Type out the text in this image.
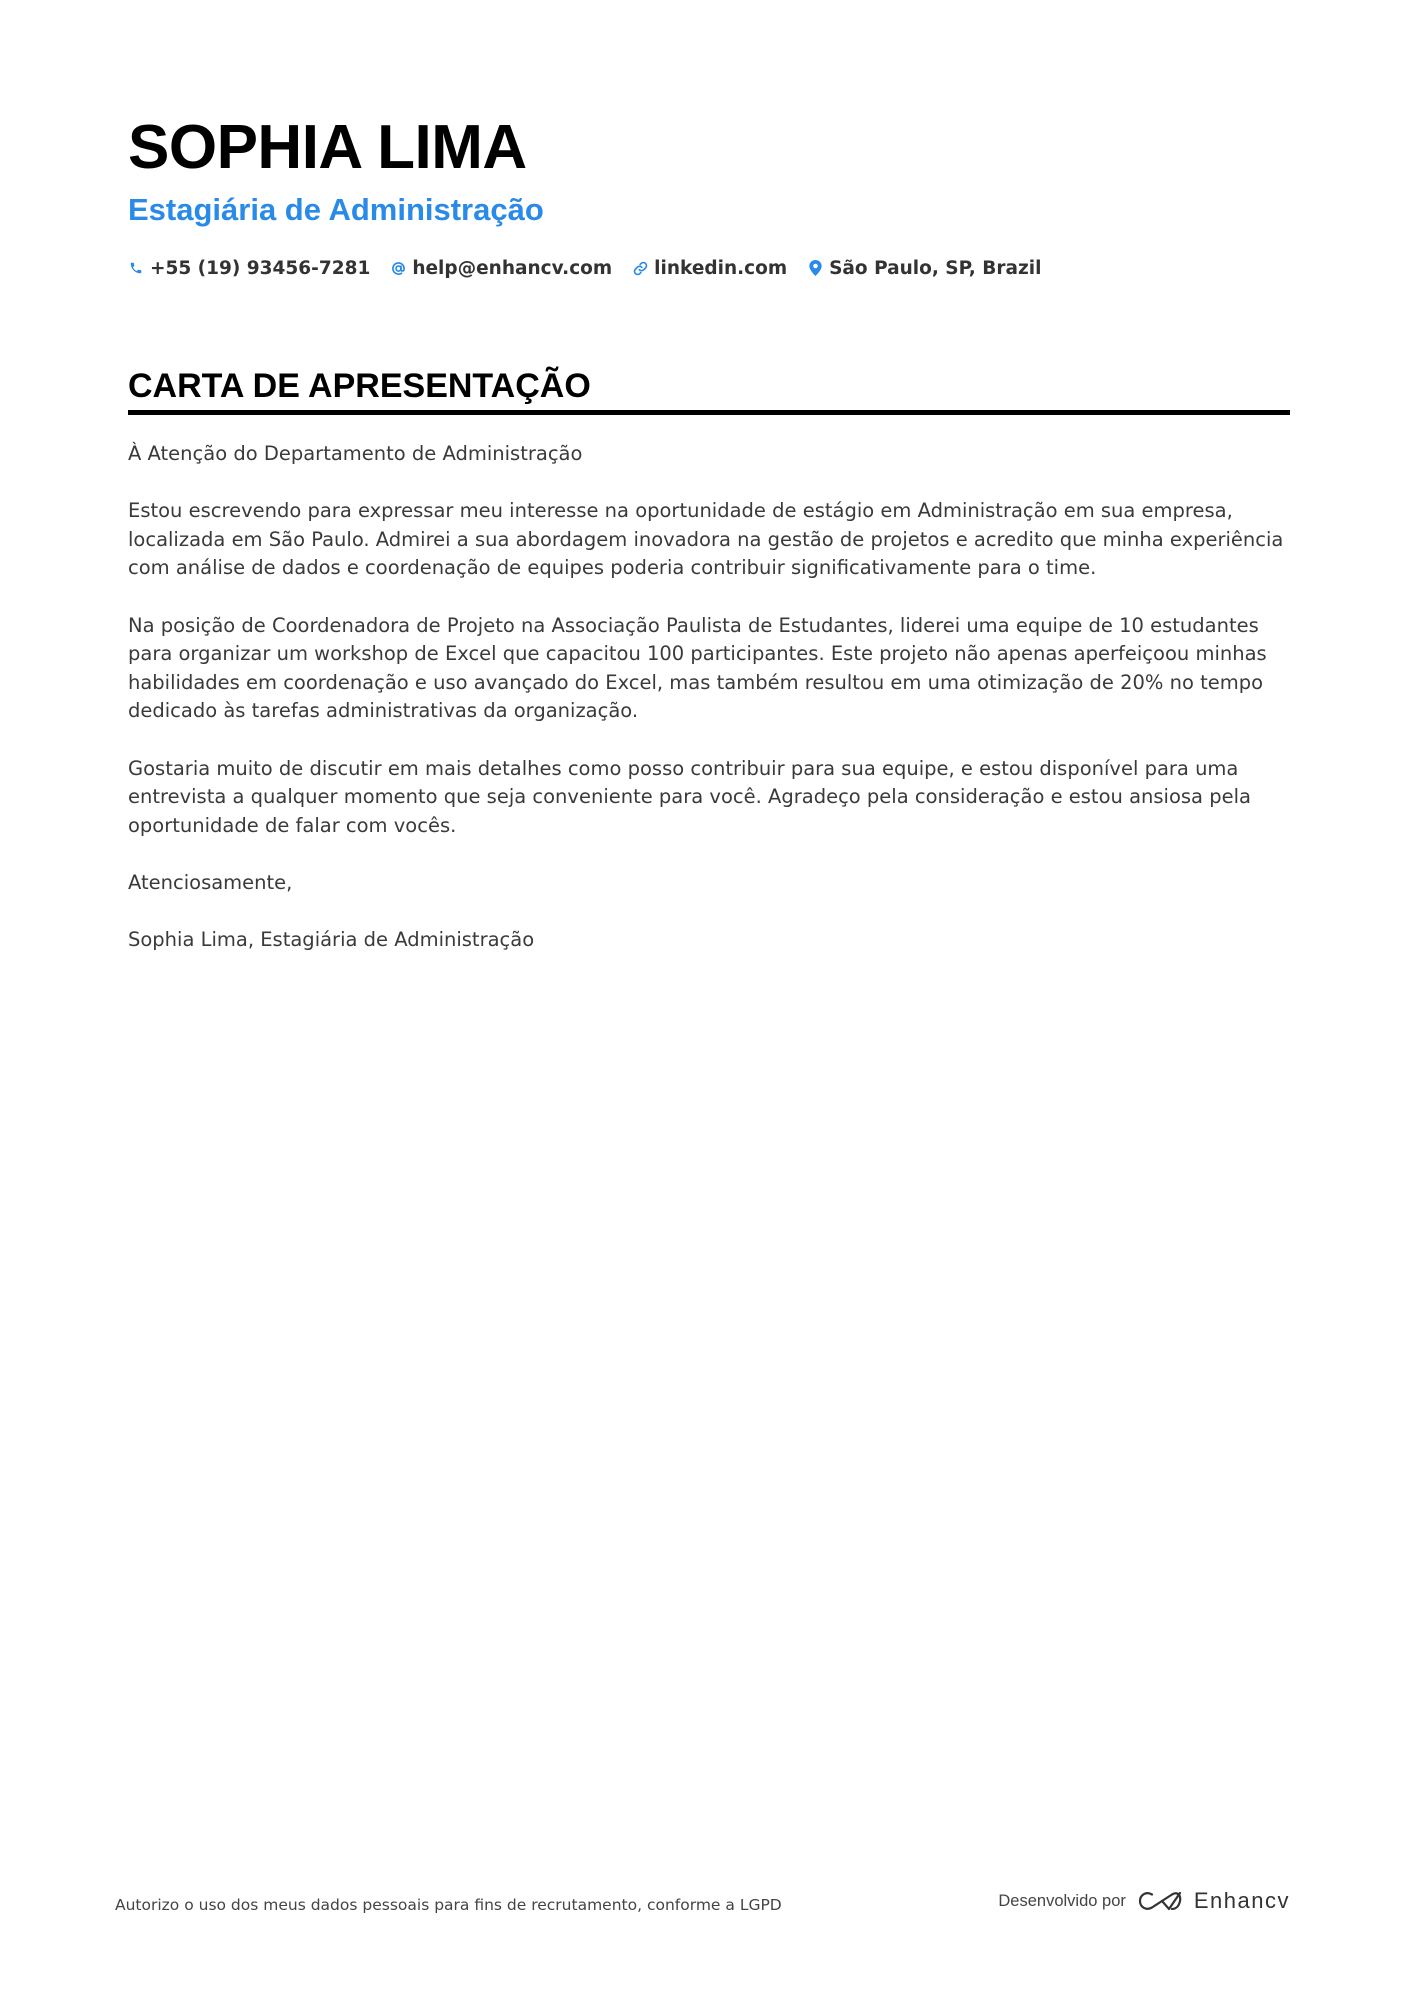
SOPHIA LIMA
Estagiária de Administração
+55 (19) 93456-7281 help@enhancv.com linkedin.com São Paulo, SP, Brazil
CARTA DE APRESENTAÇÃO

À Atenção do Departamento de Administração

Estou escrevendo para expressar meu interesse na oportunidade de estágio em Administração em sua empresa, localizada em São Paulo. Admirei a sua abordagem inovadora na gestão de projetos e acredito que minha experiência com análise de dados e coordenação de equipes poderia contribuir significativamente para o time.

Na posição de Coordenadora de Projeto na Associação Paulista de Estudantes, liderei uma equipe de 10 estudantes para organizar um workshop de Excel que capacitou 100 participantes. Este projeto não apenas aperfeiçoou minhas habilidades em coordenação e uso avançado do Excel, mas também resultou em uma otimização de 20% no tempo dedicado às tarefas administrativas da organização.

Gostaria muito de discutir em mais detalhes como posso contribuir para sua equipe, e estou disponível para uma entrevista a qualquer momento que seja conveniente para você. Agradeço pela consideração e estou ansiosa pela oportunidade de falar com vocês.

Atenciosamente,

Sophia Lima, Estagiária de Administração

Autorizo o uso dos meus dados pessoais para fins de recrutamento, conforme a LGPD	Desenvolvido por	Enhancv
